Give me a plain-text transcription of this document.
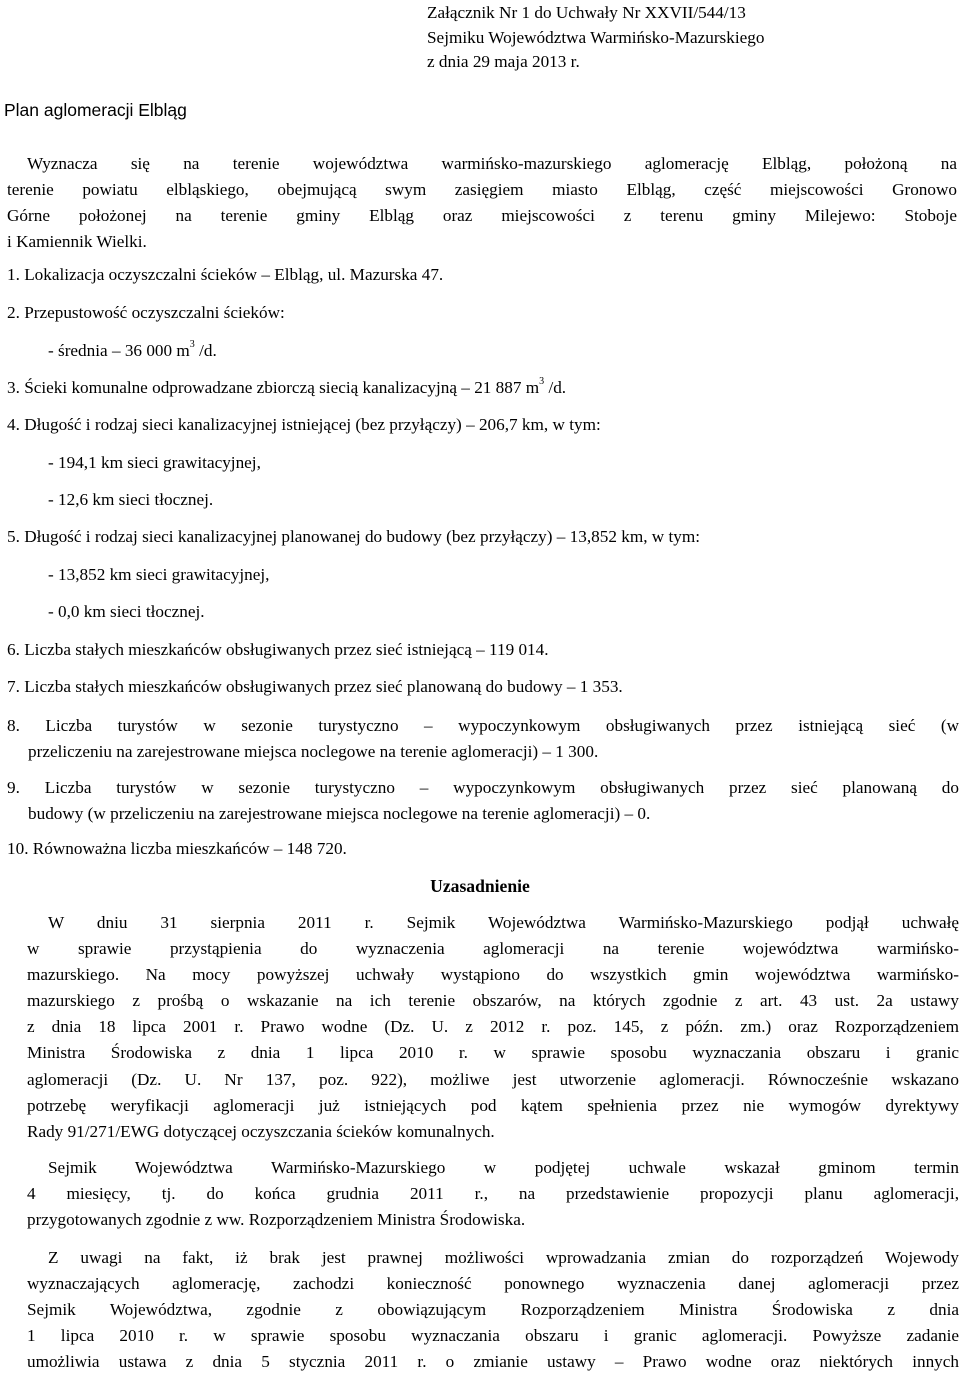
Załącznik Nr 1 do Uchwały Nr XXVII/544/13
Sejmiku Województwa Warmińsko-Mazurskiego
z dnia 29 maja 2013 r.
Plan aglomeracji Elbląg
Wyznacza się na terenie województwa warmińsko-mazurskiego aglomerację Elbląg, położoną na
terenie powiatu elbląskiego, obejmującą swym zasięgiem miasto Elbląg, część miejscowości Gronowo
Górne położonej na terenie gminy Elbląg oraz miejscowości z terenu gminy Milejewo: Stoboje
i Kamiennik Wielki.
1. Lokalizacja oczyszczalni ścieków – Elbląg, ul. Mazurska 47.
2. Przepustowość oczyszczalni ścieków:
- średnia – 36 000 $m^3$ /d.
3. Ścieki komunalne odprowadzane zbiorczą siecią kanalizacyjną – 21 887 $m^3$ /d.
4. Długość i rodzaj sieci kanalizacyjnej istniejącej (bez przyłączy) – 206,7 km, w tym:
- 194,1 km sieci grawitacyjnej,
- 12,6 km sieci tłocznej.
5. Długość i rodzaj sieci kanalizacyjnej planowanej do budowy (bez przyłączy) – 13,852 km, w tym:
- 13,852 km sieci grawitacyjnej,
- 0,0 km sieci tłocznej.
6. Liczba stałych mieszkańców obsługiwanych przez sieć istniejącą – 119 014.
7. Liczba stałych mieszkańców obsługiwanych przez sieć planowaną do budowy – 1 353.
8. Liczba turystów w sezonie turystyczno – wypoczynkowym obsługiwanych przez istniejącą sieć (w
przeliczeniu na zarejestrowane miejsca noclegowe na terenie aglomeracji) – 1 300.
9. Liczba turystów w sezonie turystyczno – wypoczynkowym obsługiwanych przez sieć planowaną do
budowy (w przeliczeniu na zarejestrowane miejsca noclegowe na terenie aglomeracji) – 0.
10. Równoważna liczba mieszkańców – 148 720.
Uzasadnienie
W dniu 31 sierpnia 2011 r. Sejmik Województwa Warmińsko-Mazurskiego podjął uchwałę
w sprawie przystąpienia do wyznaczenia aglomeracji na terenie województwa warmińsko-
mazurskiego. Na mocy powyższej uchwały wystąpiono do wszystkich gmin województwa warmińsko-
mazurskiego z prośbą o wskazanie na ich terenie obszarów, na których zgodnie z art. 43 ust. 2a ustawy
z dnia 18 lipca 2001 r. Prawo wodne (Dz. U. z 2012 r. poz. 145, z późn. zm.) oraz Rozporządzeniem
Ministra Środowiska z dnia 1 lipca 2010 r. w sprawie sposobu wyznaczania obszaru i granic
aglomeracji (Dz. U. Nr 137, poz. 922), możliwe jest utworzenie aglomeracji. Równocześnie wskazano
potrzebę weryfikacji aglomeracji już istniejących pod kątem spełnienia przez nie wymogów dyrektywy
Rady 91/271/EWG dotyczącej oczyszczania ścieków komunalnych.
Sejmik Województwa Warmińsko-Mazurskiego w podjętej uchwale wskazał gminom termin
4 miesięcy, tj. do końca grudnia 2011 r., na przedstawienie propozycji planu aglomeracji,
przygotowanych zgodnie z ww. Rozporządzeniem Ministra Środowiska.
Z uwagi na fakt, iż brak jest prawnej możliwości wprowadzania zmian do rozporządzeń Wojewody
wyznaczających aglomerację, zachodzi konieczność ponownego wyznaczenia danej aglomeracji przez
Sejmik Województwa, zgodnie z obowiązującym Rozporządzeniem Ministra Środowiska z dnia
1 lipca 2010 r. w sprawie sposobu wyznaczania obszaru i granic aglomeracji. Powyższe zadanie
umożliwia ustawa z dnia 5 stycznia 2011 r. o zmianie ustawy – Prawo wodne oraz niektórych innych
